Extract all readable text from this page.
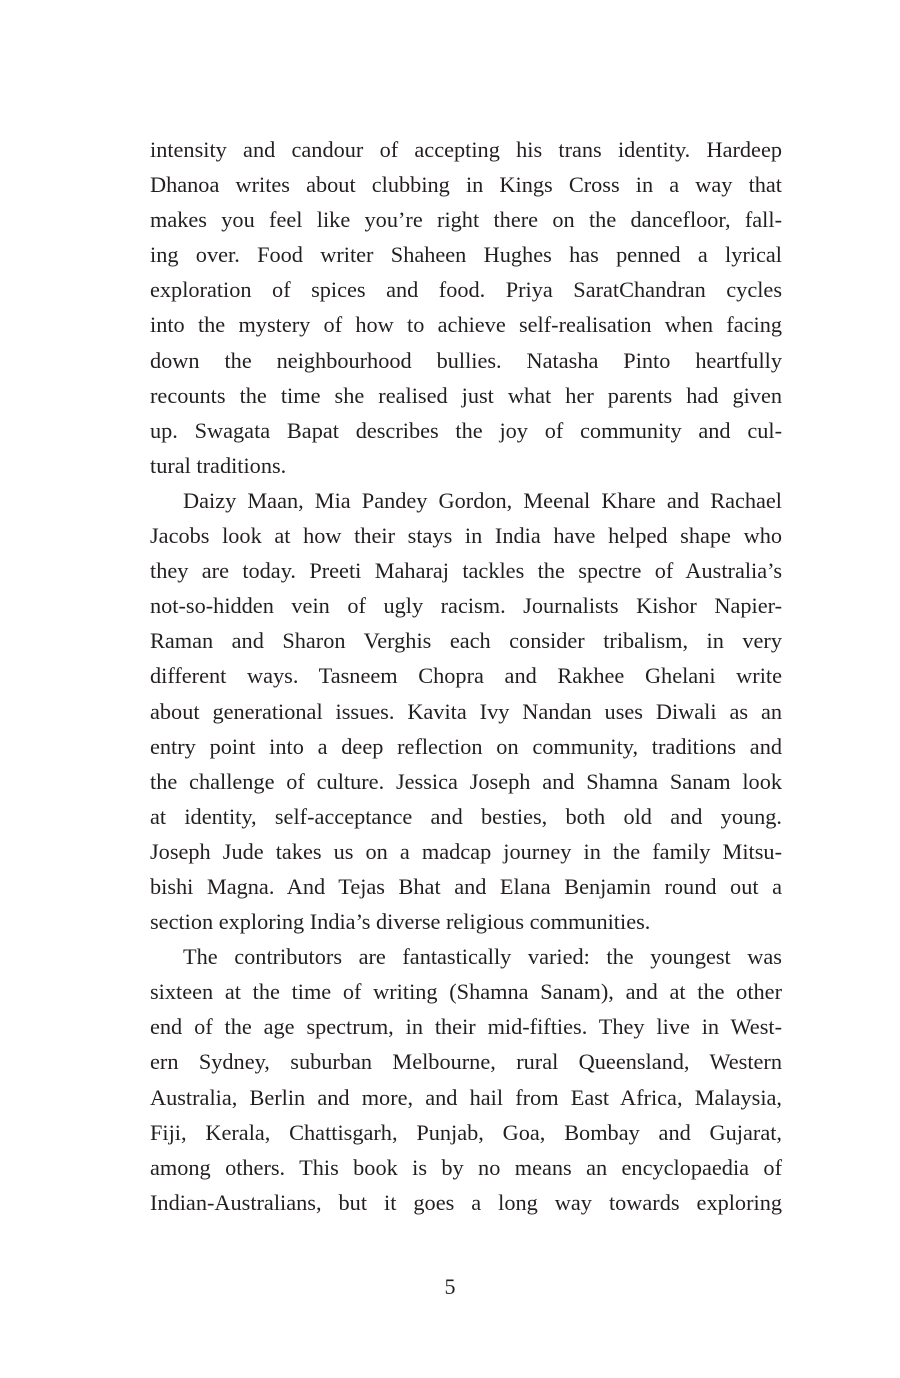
intensity and candour of accepting his trans identity. Hardeep
Dhanoa writes about clubbing in Kings Cross in a way that
makes you feel like you’re right there on the dancefloor, fall-
ing over. Food writer Shaheen Hughes has penned a lyrical
exploration of spices and food. Priya SaratChandran cycles
into the mystery of how to achieve self-realisation when facing
down the neighbourhood bullies. Natasha Pinto heartfully
recounts the time she realised just what her parents had given
up. Swagata Bapat describes the joy of community and cul-
tural traditions.
Daizy Maan, Mia Pandey Gordon, Meenal Khare and Rachael
Jacobs look at how their stays in India have helped shape who
they are today. Preeti Maharaj tackles the spectre of Australia’s
not-so-hidden vein of ugly racism. Journalists Kishor Napier-
Raman and Sharon Verghis each consider tribalism, in very
different ways. Tasneem Chopra and Rakhee Ghelani write
about generational issues. Kavita Ivy Nandan uses Diwali as an
entry point into a deep reflection on community, traditions and
the challenge of culture. Jessica Joseph and Shamna Sanam look
at identity, self-acceptance and besties, both old and young.
Joseph Jude takes us on a madcap journey in the family Mitsu-
bishi Magna. And Tejas Bhat and Elana Benjamin round out a
section exploring India’s diverse religious communities.
The contributors are fantastically varied: the youngest was
sixteen at the time of writing (Shamna Sanam), and at the other
end of the age spectrum, in their mid-fifties. They live in West-
ern Sydney, suburban Melbourne, rural Queensland, Western
Australia, Berlin and more, and hail from East Africa, Malaysia,
Fiji, Kerala, Chattisgarh, Punjab, Goa, Bombay and Gujarat,
among others. This book is by no means an encyclopaedia of
Indian-Australians, but it goes a long way towards exploring
5
